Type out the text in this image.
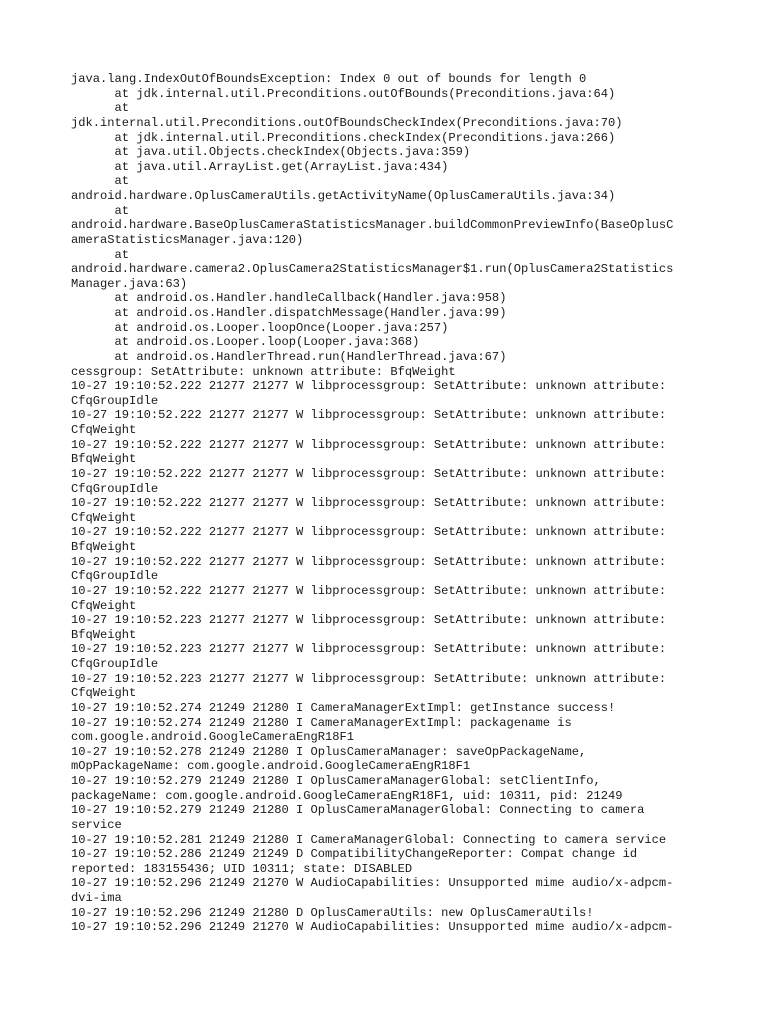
java.lang.IndexOutOfBoundsException: Index 0 out of bounds for length 0
at jdk.internal.util.Preconditions.outOfBounds(Preconditions.java:64)
at
jdk.internal.util.Preconditions.outOfBoundsCheckIndex(Preconditions.java:70)
at jdk.internal.util.Preconditions.checkIndex(Preconditions.java:266)
at java.util.Objects.checkIndex(Objects.java:359)
at java.util.ArrayList.get(ArrayList.java:434)
at
android.hardware.OplusCameraUtils.getActivityName(OplusCameraUtils.java:34)
at
android.hardware.BaseOplusCameraStatisticsManager.buildCommonPreviewInfo(BaseOplusC
ameraStatisticsManager.java:120)
at
android.hardware.camera2.OplusCamera2StatisticsManager$1.run(OplusCamera2Statistics
Manager.java:63)
at android.os.Handler.handleCallback(Handler.java:958)
at android.os.Handler.dispatchMessage(Handler.java:99)
at android.os.Looper.loopOnce(Looper.java:257)
at android.os.Looper.loop(Looper.java:368)
at android.os.HandlerThread.run(HandlerThread.java:67)
cessgroup: SetAttribute: unknown attribute: BfqWeight
10-27 19:10:52.222 21277 21277 W libprocessgroup: SetAttribute: unknown attribute:
CfqGroupIdle
10-27 19:10:52.222 21277 21277 W libprocessgroup: SetAttribute: unknown attribute:
CfqWeight
10-27 19:10:52.222 21277 21277 W libprocessgroup: SetAttribute: unknown attribute:
BfqWeight
10-27 19:10:52.222 21277 21277 W libprocessgroup: SetAttribute: unknown attribute:
CfqGroupIdle
10-27 19:10:52.222 21277 21277 W libprocessgroup: SetAttribute: unknown attribute:
CfqWeight
10-27 19:10:52.222 21277 21277 W libprocessgroup: SetAttribute: unknown attribute:
BfqWeight
10-27 19:10:52.222 21277 21277 W libprocessgroup: SetAttribute: unknown attribute:
CfqGroupIdle
10-27 19:10:52.222 21277 21277 W libprocessgroup: SetAttribute: unknown attribute:
CfqWeight
10-27 19:10:52.223 21277 21277 W libprocessgroup: SetAttribute: unknown attribute:
BfqWeight
10-27 19:10:52.223 21277 21277 W libprocessgroup: SetAttribute: unknown attribute:
CfqGroupIdle
10-27 19:10:52.223 21277 21277 W libprocessgroup: SetAttribute: unknown attribute:
CfqWeight
10-27 19:10:52.274 21249 21280 I CameraManagerExtImpl: getInstance success!
10-27 19:10:52.274 21249 21280 I CameraManagerExtImpl: packagename is
com.google.android.GoogleCameraEngR18F1
10-27 19:10:52.278 21249 21280 I OplusCameraManager: saveOpPackageName,
mOpPackageName: com.google.android.GoogleCameraEngR18F1
10-27 19:10:52.279 21249 21280 I OplusCameraManagerGlobal: setClientInfo,
packageName: com.google.android.GoogleCameraEngR18F1, uid: 10311, pid: 21249
10-27 19:10:52.279 21249 21280 I OplusCameraManagerGlobal: Connecting to camera
service
10-27 19:10:52.281 21249 21280 I CameraManagerGlobal: Connecting to camera service
10-27 19:10:52.286 21249 21249 D CompatibilityChangeReporter: Compat change id
reported: 183155436; UID 10311; state: DISABLED
10-27 19:10:52.296 21249 21270 W AudioCapabilities: Unsupported mime audio/x-adpcm-
dvi-ima
10-27 19:10:52.296 21249 21280 D OplusCameraUtils: new OplusCameraUtils!
10-27 19:10:52.296 21249 21270 W AudioCapabilities: Unsupported mime audio/x-adpcm-
